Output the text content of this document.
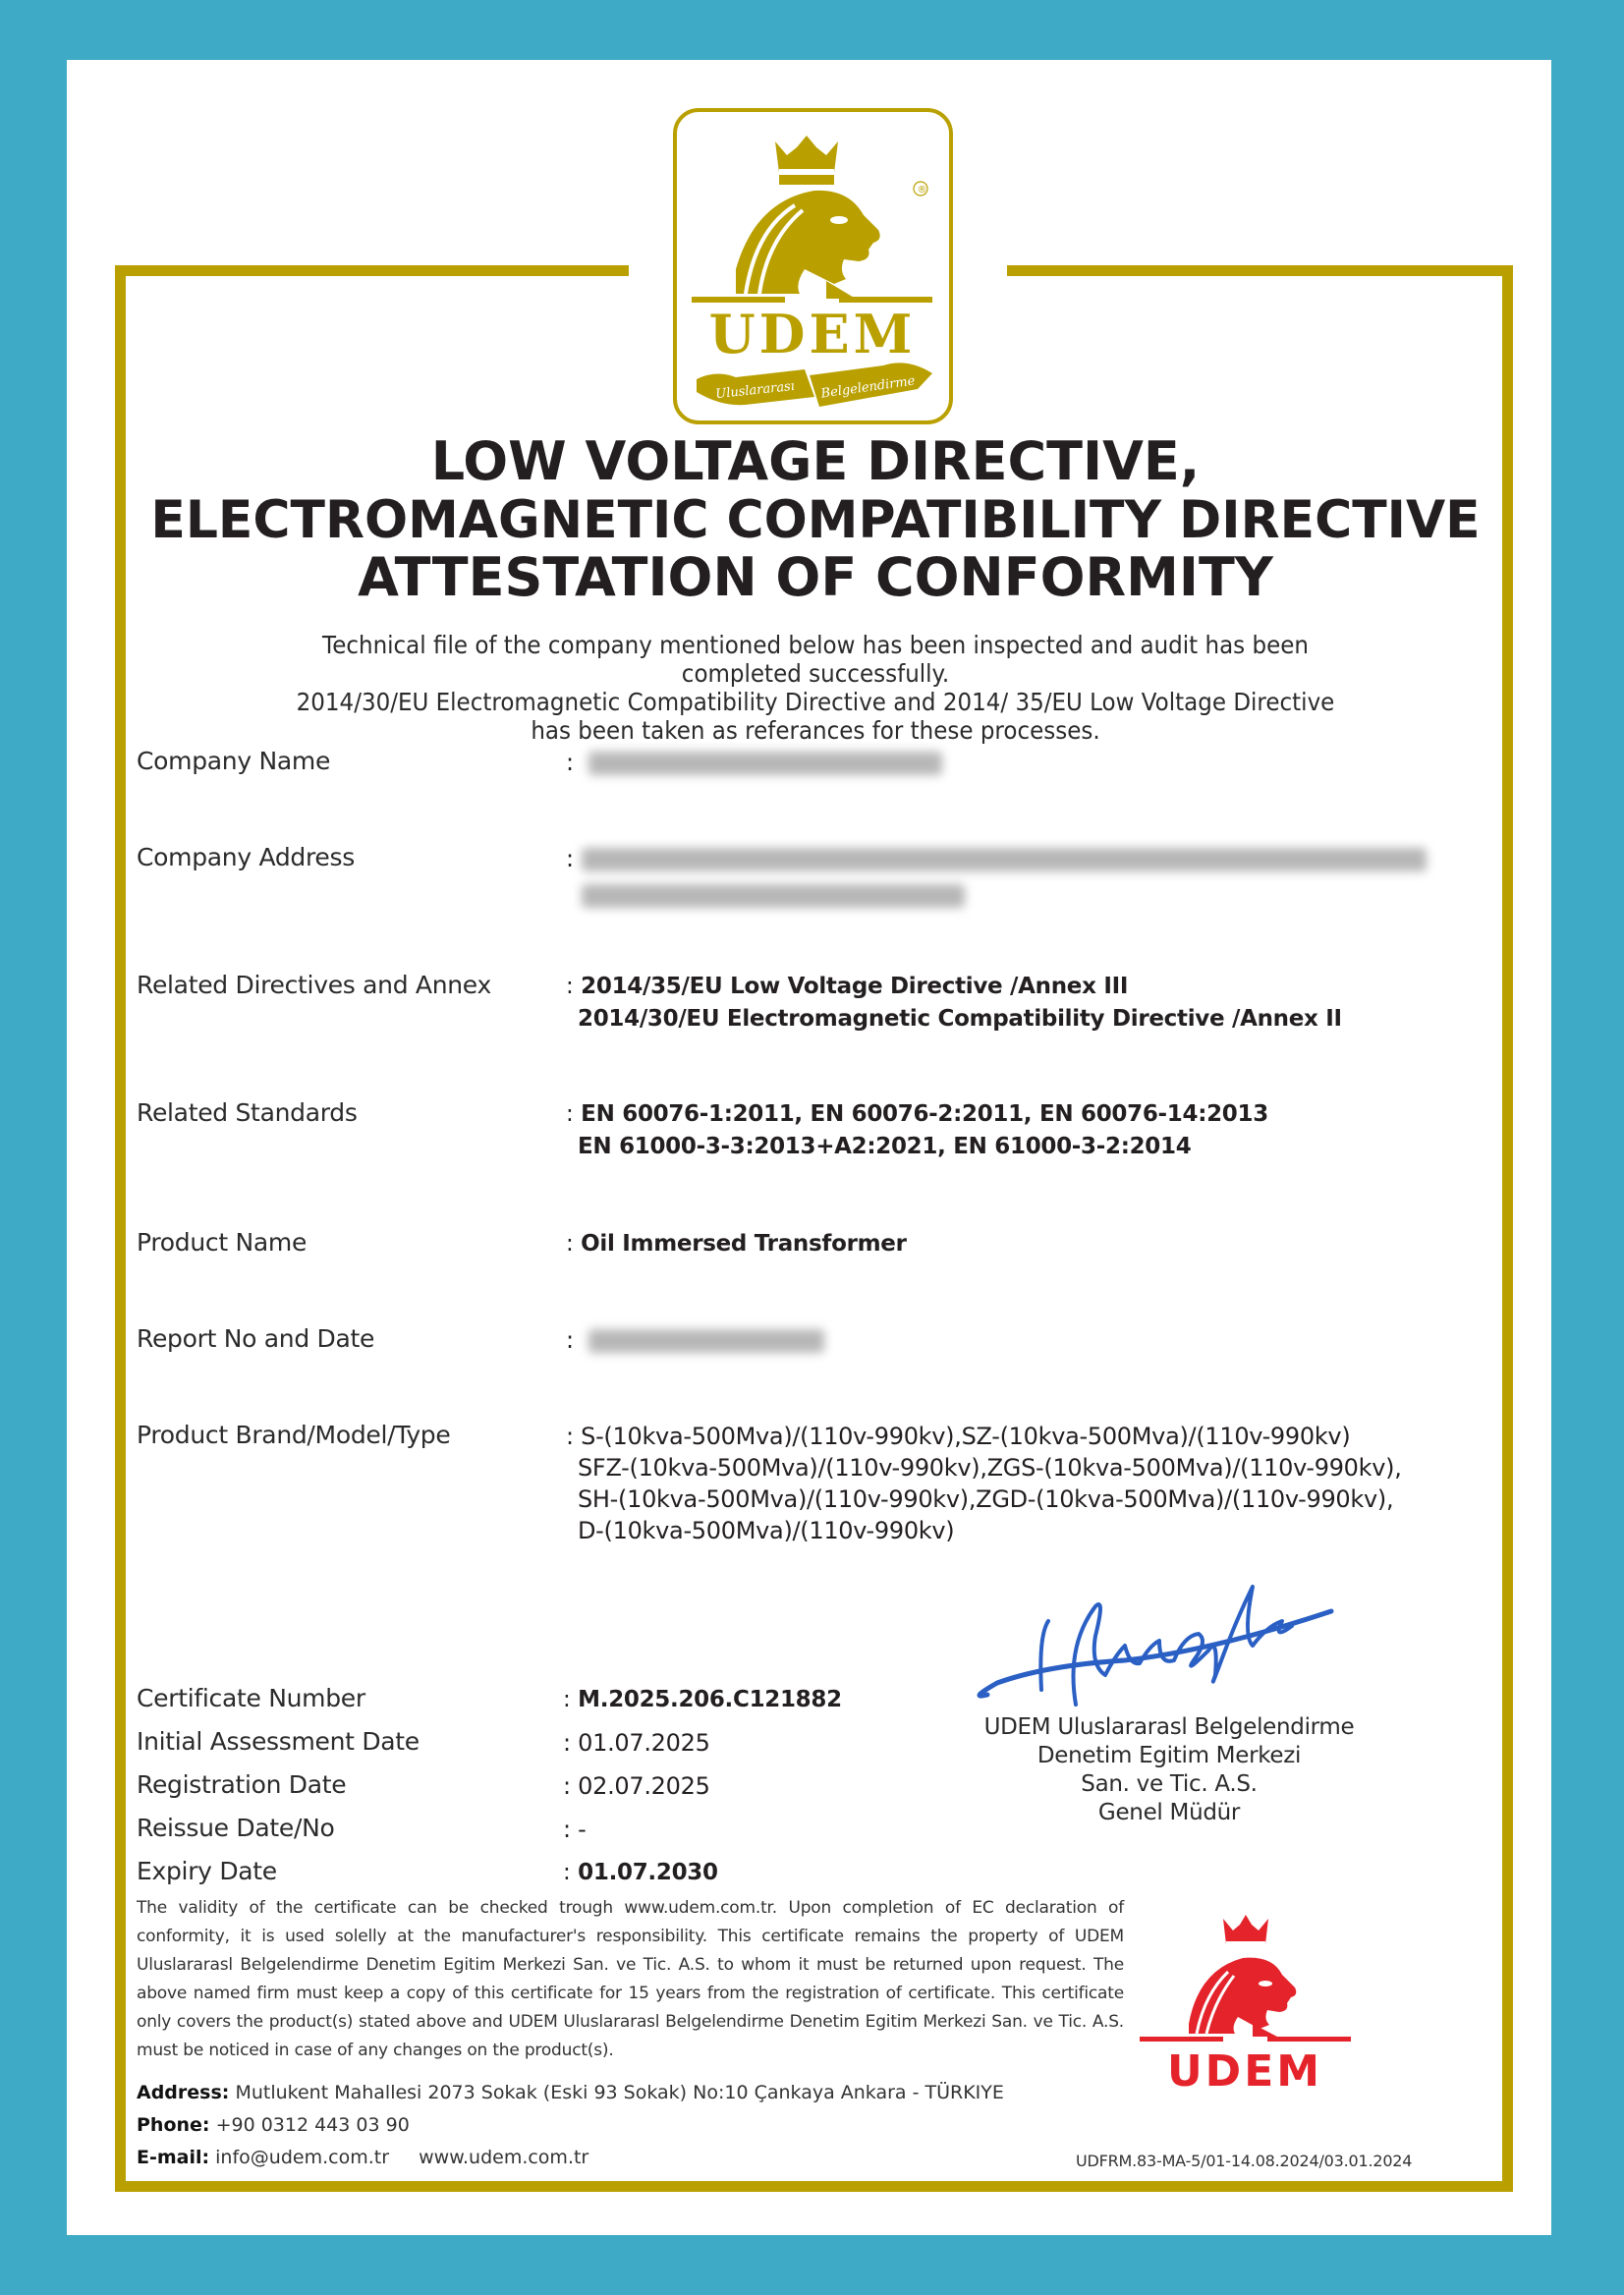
®
UDEM
Uluslararası Belgelendirme
LOW VOLTAGE DIRECTIVE,
ELECTROMAGNETIC COMPATIBILITY DIRECTIVE
ATTESTATION OF CONFORMITY
Technical file of the company mentioned below has been inspected and audit has been
completed successfully.
2014/30/EU Electromagnetic Compatibility Directive and 2014/ 35/EU Low Voltage Directive
has been taken as referances for these processes.
Company Name	:
Company Address	:
Related Directives and Annex	: 2014/35/EU Low Voltage Directive /Annex III
2014/30/EU Electromagnetic Compatibility Directive /Annex II
Related Standards	: EN 60076-1:2011, EN 60076-2:2011, EN 60076-14:2013
EN 61000-3-3:2013+A2:2021, EN 61000-3-2:2014
Product Name	: Oil Immersed Transformer
Report No and Date	:
Product Brand/Model/Type	: S-(10kva-500Mva)/(110v-990kv),SZ-(10kva-500Mva)/(110v-990kv)
SFZ-(10kva-500Mva)/(110v-990kv),ZGS-(10kva-500Mva)/(110v-990kv),
SH-(10kva-500Mva)/(110v-990kv),ZGD-(10kva-500Mva)/(110v-990kv),
D-(10kva-500Mva)/(110v-990kv)
Certificate Number	: M.2025.206.C121882
Initial Assessment Date	: 01.07.2025
Registration Date	: 02.07.2025
Reissue Date/No	: -
Expiry Date	: 01.07.2030
UDEM Uluslararasl Belgelendirme
Denetim Egitim Merkezi
San. ve Tic. A.S.
Genel Müdür
The validity of the certificate can be checked trough www.udem.com.tr. Upon completion of EC declaration of conformity, it is used solelly at the manufacturer's responsibility. This certificate remains the property of UDEM Uluslararasl Belgelendirme Denetim Egitim Merkezi San. ve Tic. A.S. to whom it must be returned upon request. The above named firm must keep a copy of this certificate for 15 years from the registration of certificate. This certificate only covers the product(s) stated above and UDEM Uluslararasl Belgelendirme Denetim Egitim Merkezi San. ve Tic. A.S. must be noticed in case of any changes on the product(s).	UDEM
Address: Mutlukent Mahallesi 2073 Sokak (Eski 93 Sokak) No:10 Çankaya Ankara - TÜRKIYE
Phone: +90 0312 443 03 90
E-mail: info@udem.com.tr www.udem.com.tr	UDFRM.83-MA-5/01-14.08.2024/03.01.2024
